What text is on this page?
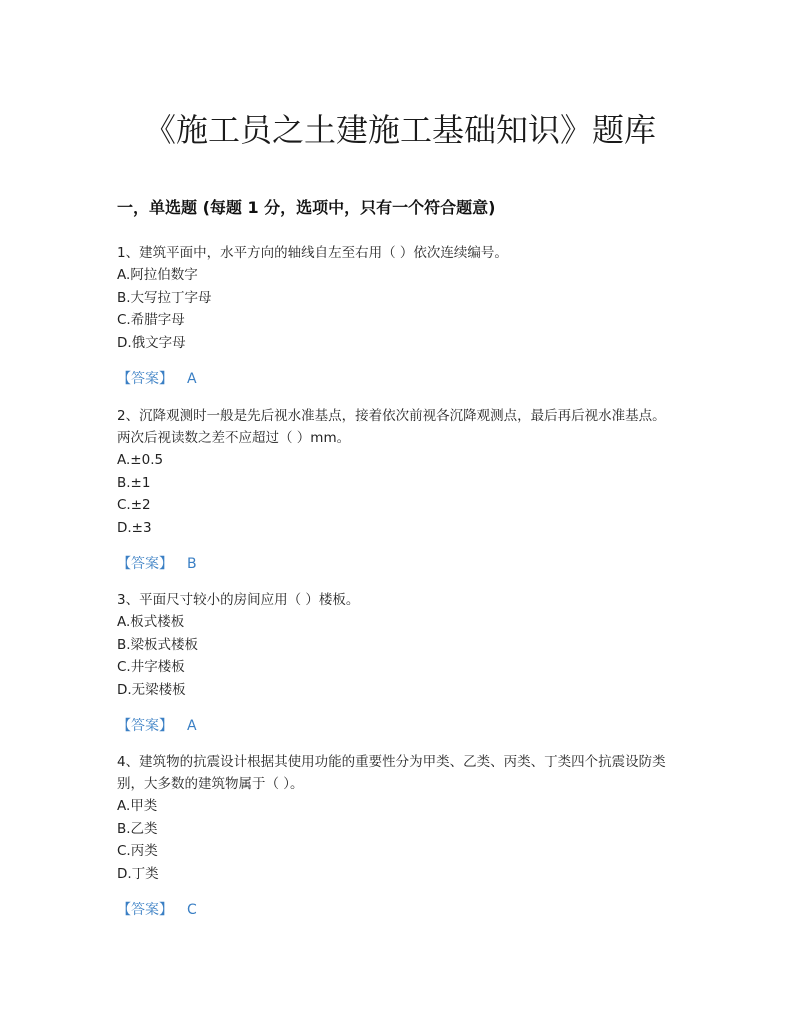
《施工员之土建施工基础知识》题库
一，单选题 (每题 1 分，选项中，只有一个符合题意)

1、建筑平面中，水平方向的轴线自左至右用（ ）依次连续编号。

A.阿拉伯数字
B.大写拉丁字母
C.希腊字母
D.俄文字母
【答案】 A

2、沉降观测时一般是先后视水准基点，接着依次前视各沉降观测点，最后再后视水准基点。两次后视读数之差不应超过（ ）mm。

A.±0.5
B.±1
C.±2
D.±3
【答案】 B

3、平面尺寸较小的房间应用（ ）楼板。

A.板式楼板
B.梁板式楼板
C.井字楼板
D.无梁楼板
【答案】 A

4、建筑物的抗震设计根据其使用功能的重要性分为甲类、乙类、丙类、丁类四个抗震设防类别，大多数的建筑物属于（ ）。

A.甲类
B.乙类
C.丙类
D.丁类
【答案】 C
